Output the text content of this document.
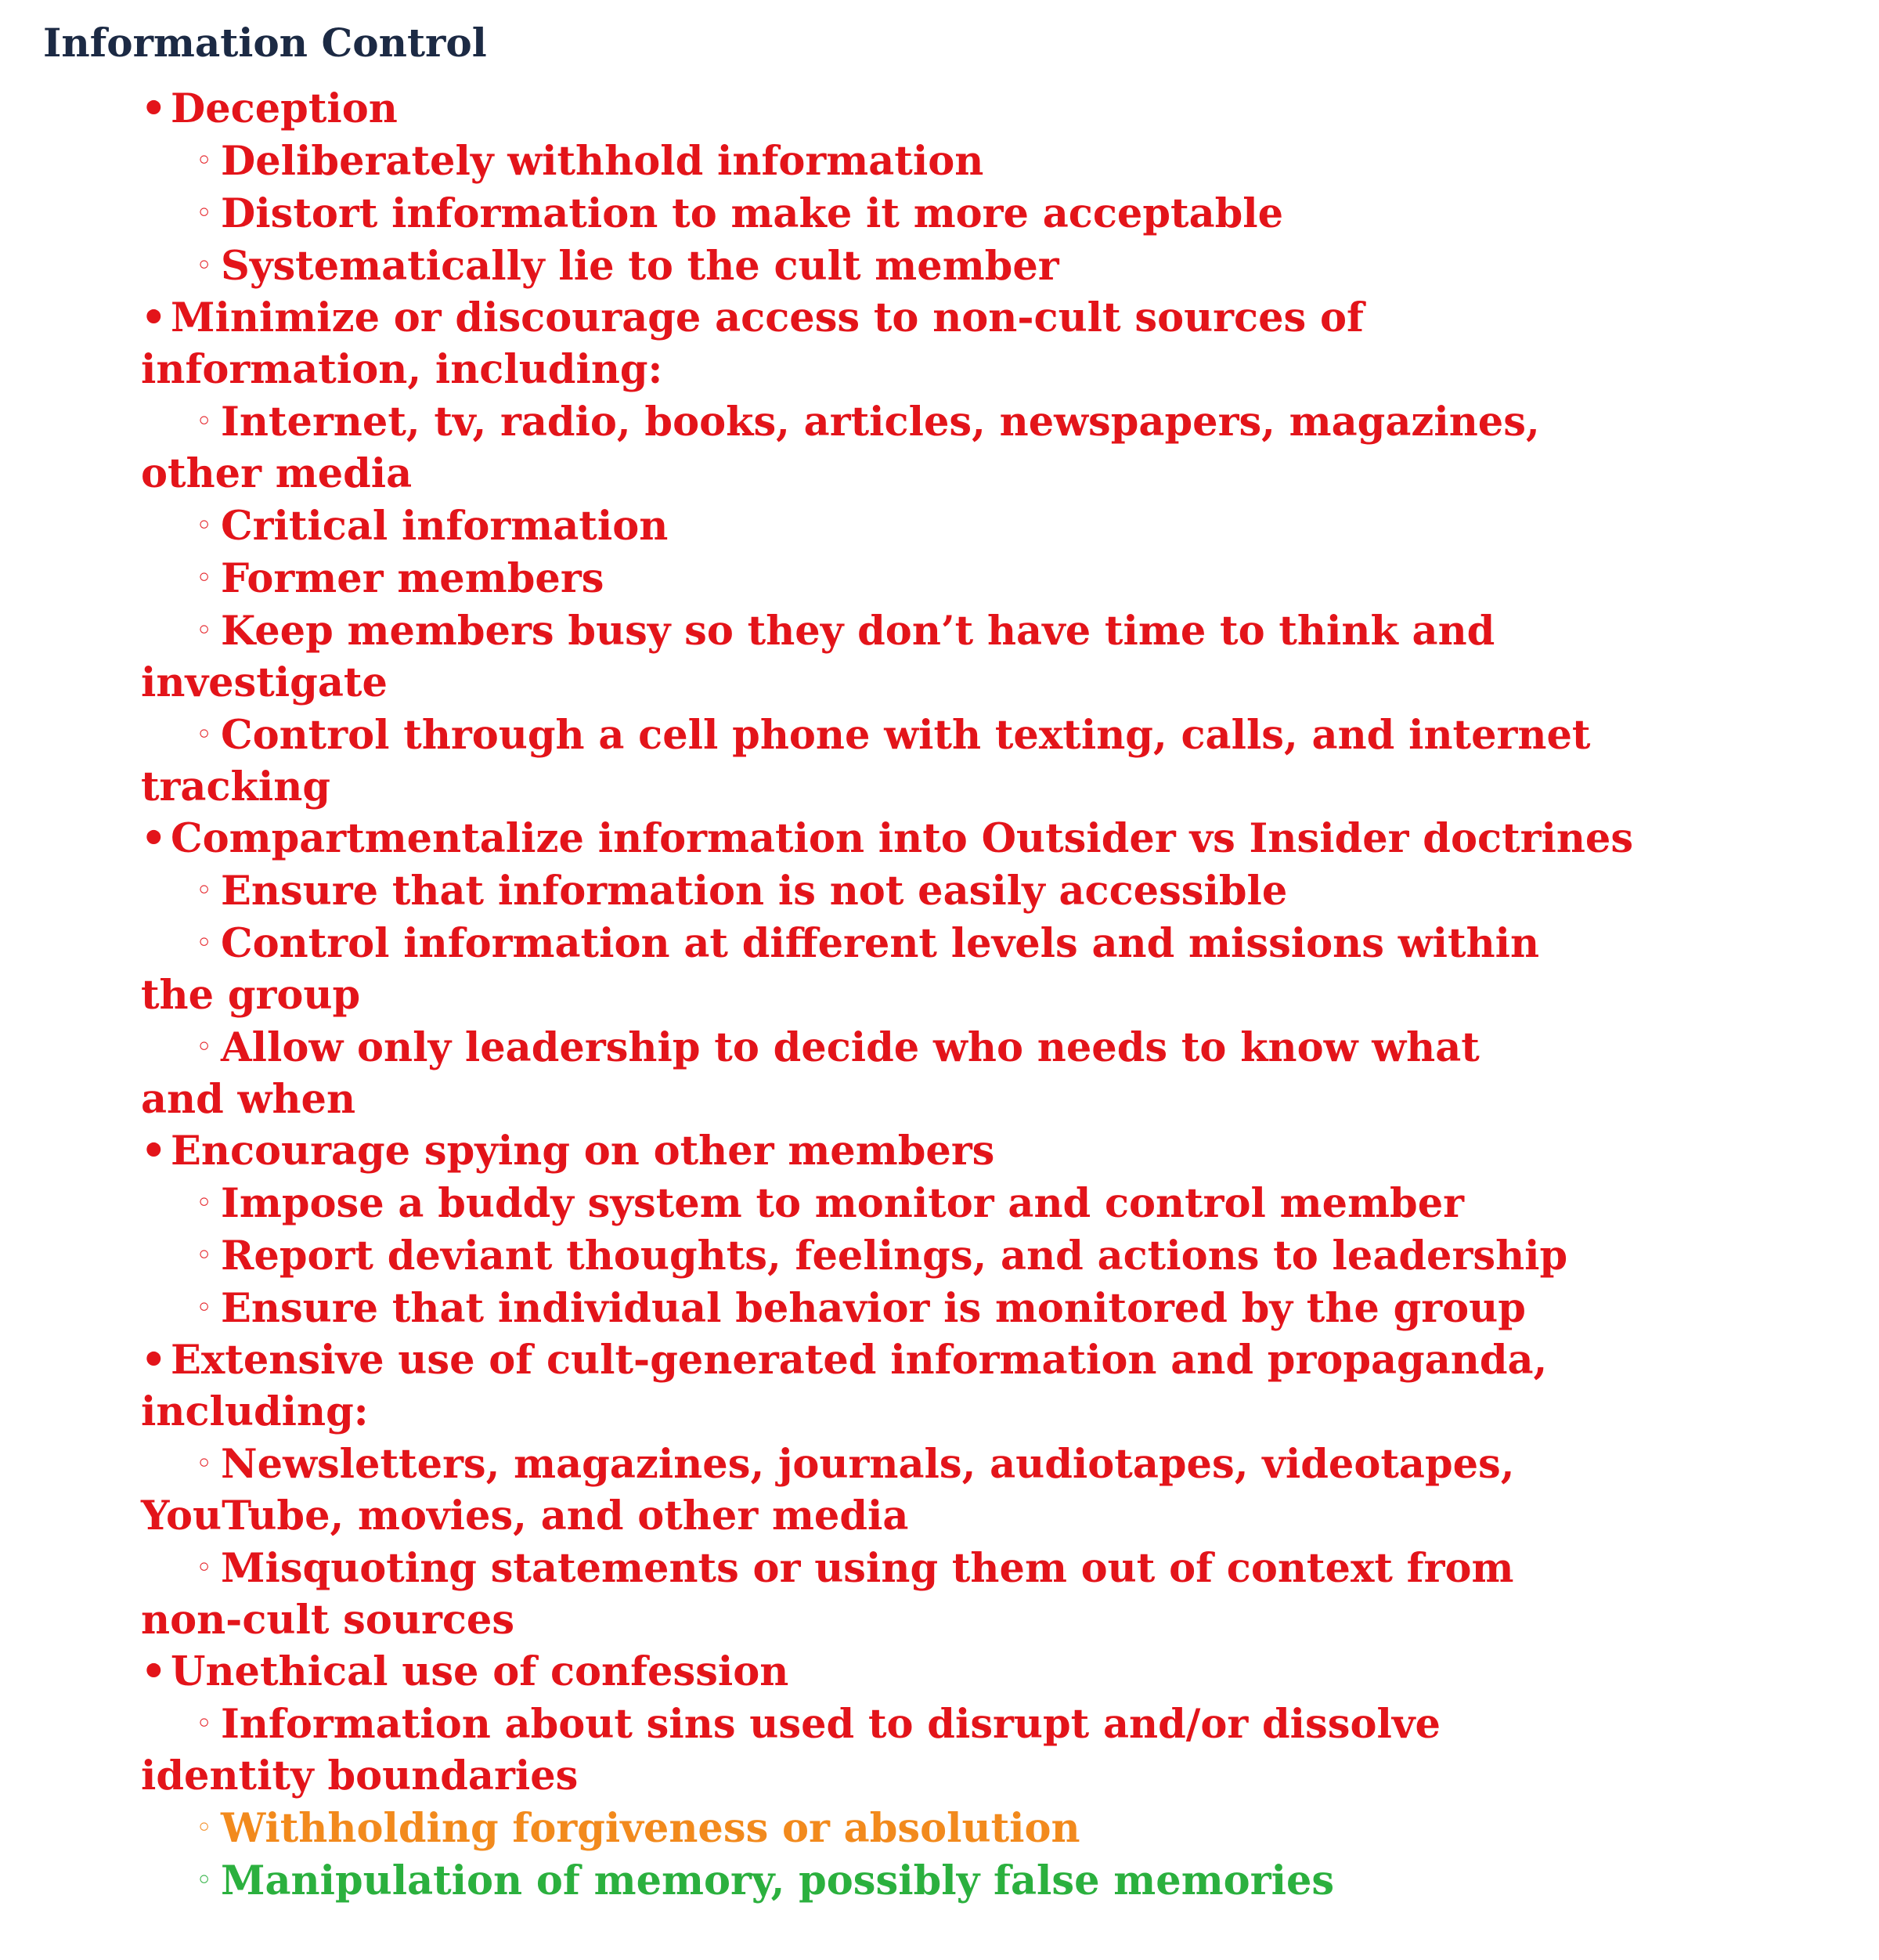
Information Control
• Deception
◦ Deliberately withhold information
◦ Distort information to make it more acceptable
◦ Systematically lie to the cult member
• Minimize or discourage access to non-cult sources of
information, including:
◦ Internet, tv, radio, books, articles, newspapers, magazines,
other media
◦ Critical information
◦ Former members
◦ Keep members busy so they don’t have time to think and
investigate
◦ Control through a cell phone with texting, calls, and internet
tracking
• Compartmentalize information into Outsider vs Insider doctrines
◦ Ensure that information is not easily accessible
◦ Control information at different levels and missions within
the group
◦ Allow only leadership to decide who needs to know what
and when
• Encourage spying on other members
◦ Impose a buddy system to monitor and control member
◦ Report deviant thoughts, feelings, and actions to leadership
◦ Ensure that individual behavior is monitored by the group
• Extensive use of cult-generated information and propaganda,
including:
◦ Newsletters, magazines, journals, audiotapes, videotapes,
YouTube, movies, and other media
◦ Misquoting statements or using them out of context from
non-cult sources
• Unethical use of confession
◦ Information about sins used to disrupt and/or dissolve
identity boundaries
◦ Withholding forgiveness or absolution
◦ Manipulation of memory, possibly false memories
